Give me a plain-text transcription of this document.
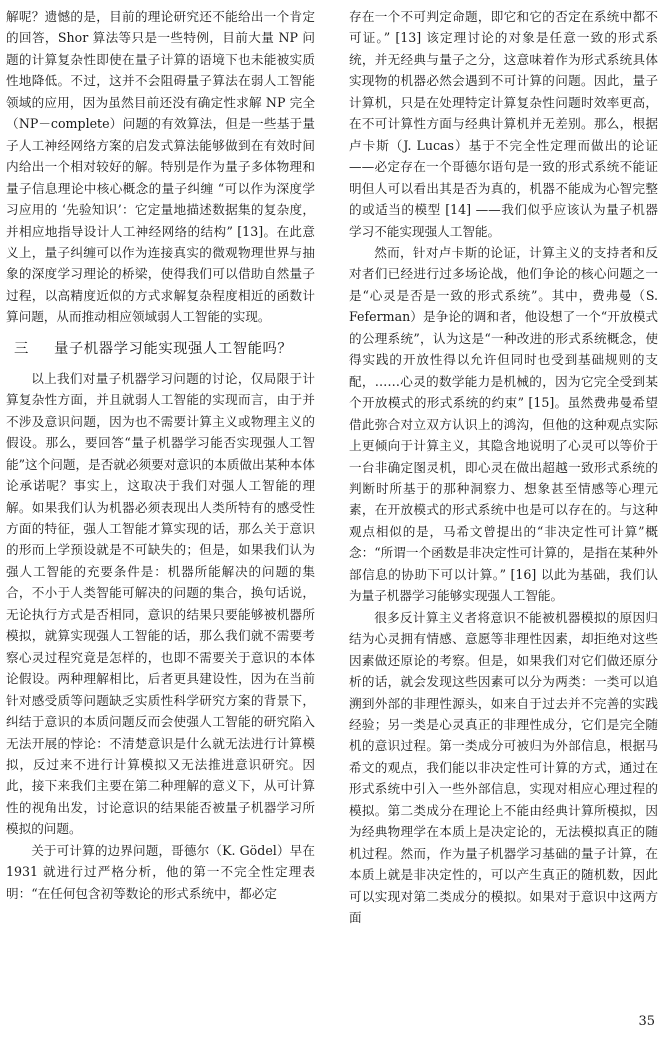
解呢？遗憾的是，目前的理论研究还不能给出一个肯定的回答，Shor 算法等只是一些特例，目前大量 NP 问题的计算复杂性即使在量子计算的语境下也未能被实质性地降低。不过，这并不会阻碍量子算法在弱人工智能领域的应用，因为虽然目前还没有确定性求解 NP 完全（NP－complete）问题的有效算法，但是一些基于量子人工神经网络方案的启发式算法能够做到在有效时间内给出一个相对较好的解。特别是作为量子多体物理和量子信息理论中核心概念的量子纠缠 “可以作为深度学习应用的 ‘先验知识’：它定量地描述数据集的复杂度，并相应地指导设计人工神经网络的结构” [13]。在此意义上，量子纠缠可以作为连接真实的微观物理世界与抽象的深度学习理论的桥梁，使得我们可以借助自然量子过程，以高精度近似的方式求解复杂程度相近的函数计算问题，从而推动相应领域弱人工智能的实现。

三 量子机器学习能实现强人工智能吗？

以上我们对量子机器学习问题的讨论，仅局限于计算复杂性方面，并且就弱人工智能的实现而言，由于并不涉及意识问题，因为也不需要计算主义或物理主义的假设。那么，要回答“量子机器学习能否实现强人工智能”这个问题，是否就必须要对意识的本质做出某种本体论承诺呢？事实上，这取决于我们对强人工智能的理解。如果我们认为机器必须表现出人类所特有的感受性方面的特征，强人工智能才算实现的话，那么关于意识的形而上学预设就是不可缺失的；但是，如果我们认为强人工智能的充要条件是：机器所能解决的问题的集合，不小于人类智能可解决的问题的集合，换句话说，无论执行方式是否相同，意识的结果只要能够被机器所模拟，就算实现强人工智能的话，那么我们就不需要考察心灵过程究竟是怎样的，也即不需要关于意识的本体论假设。两种理解相比，后者更具建设性，因为在当前针对感受质等问题缺乏实质性科学研究方案的背景下，纠结于意识的本质问题反而会使强人工智能的研究陷入无法开展的悖论：不清楚意识是什么就无法进行计算模拟，反过来不进行计算模拟又无法推进意识研究。因此，接下来我们主要在第二种理解的意义下，从可计算性的视角出发，讨论意识的结果能否被量子机器学习所模拟的问题。

关于可计算的边界问题，哥德尔（K. Gödel）早在 1931 就进行过严格分析，他的第一不完全性定理表明：“在任何包含初等数论的形式系统中，都必定

存在一个不可判定命题，即它和它的否定在系统中都不可证。” [13] 该定理讨论的对象是任意一致的形式系统，并无经典与量子之分，这意味着作为形式系统具体实现物的机器必然会遇到不可计算的问题。因此，量子计算机，只是在处理特定计算复杂性问题时效率更高，在不可计算性方面与经典计算机并无差别。那么，根据卢卡斯（J. Lucas）基于不完全性定理而做出的论证——必定存在一个哥德尔语句是一致的形式系统不能证明但人可以看出其是否为真的，机器不能成为心智完整的或适当的模型 [14] ——我们似乎应该认为量子机器学习不能实现强人工智能。

然而，针对卢卡斯的论证，计算主义的支持者和反对者们已经进行过多场论战，他们争论的核心问题之一是“心灵是否是一致的形式系统”。其中，费弗曼（S. Feferman）是争论的调和者，他设想了一个“开放模式的公理系统”，认为这是“一种改进的形式系统概念，使得实践的开放性得以允许但同时也受到基础规则的支配，……心灵的数学能力是机械的，因为它完全受到某个开放模式的形式系统的约束” [15]。虽然费弗曼希望借此弥合对立双方认识上的鸿沟，但他的这种观点实际上更倾向于计算主义，其隐含地说明了心灵可以等价于一台非确定图灵机，即心灵在做出超越一致形式系统的判断时所基于的那种洞察力、想象甚至情感等心理元素，在开放模式的形式系统中也是可以存在的。与这种观点相似的是，马希文曾提出的“非决定性可计算”概念：“所谓一个函数是非决定性可计算的，是指在某种外部信息的协助下可以计算。” [16] 以此为基础，我们认为量子机器学习能够实现强人工智能。

很多反计算主义者将意识不能被机器模拟的原因归结为心灵拥有情感、意愿等非理性因素，却拒绝对这些因素做还原论的考察。但是，如果我们对它们做还原分析的话，就会发现这些因素可以分为两类：一类可以追溯到外部的非理性源头，如来自于过去并不完善的实践经验；另一类是心灵真正的非理性成分，它们是完全随机的意识过程。第一类成分可被归为外部信息，根据马希文的观点，我们能以非决定性可计算的方式，通过在形式系统中引入一些外部信息，实现对相应心理过程的模拟。第二类成分在理论上不能由经典计算所模拟，因为经典物理学在本质上是决定论的，无法模拟真正的随机过程。然而，作为量子机器学习基础的量子计算，在本质上就是非决定性的，可以产生真正的随机数，因此可以实现对第二类成分的模拟。如果对于意识中这两方面

35
